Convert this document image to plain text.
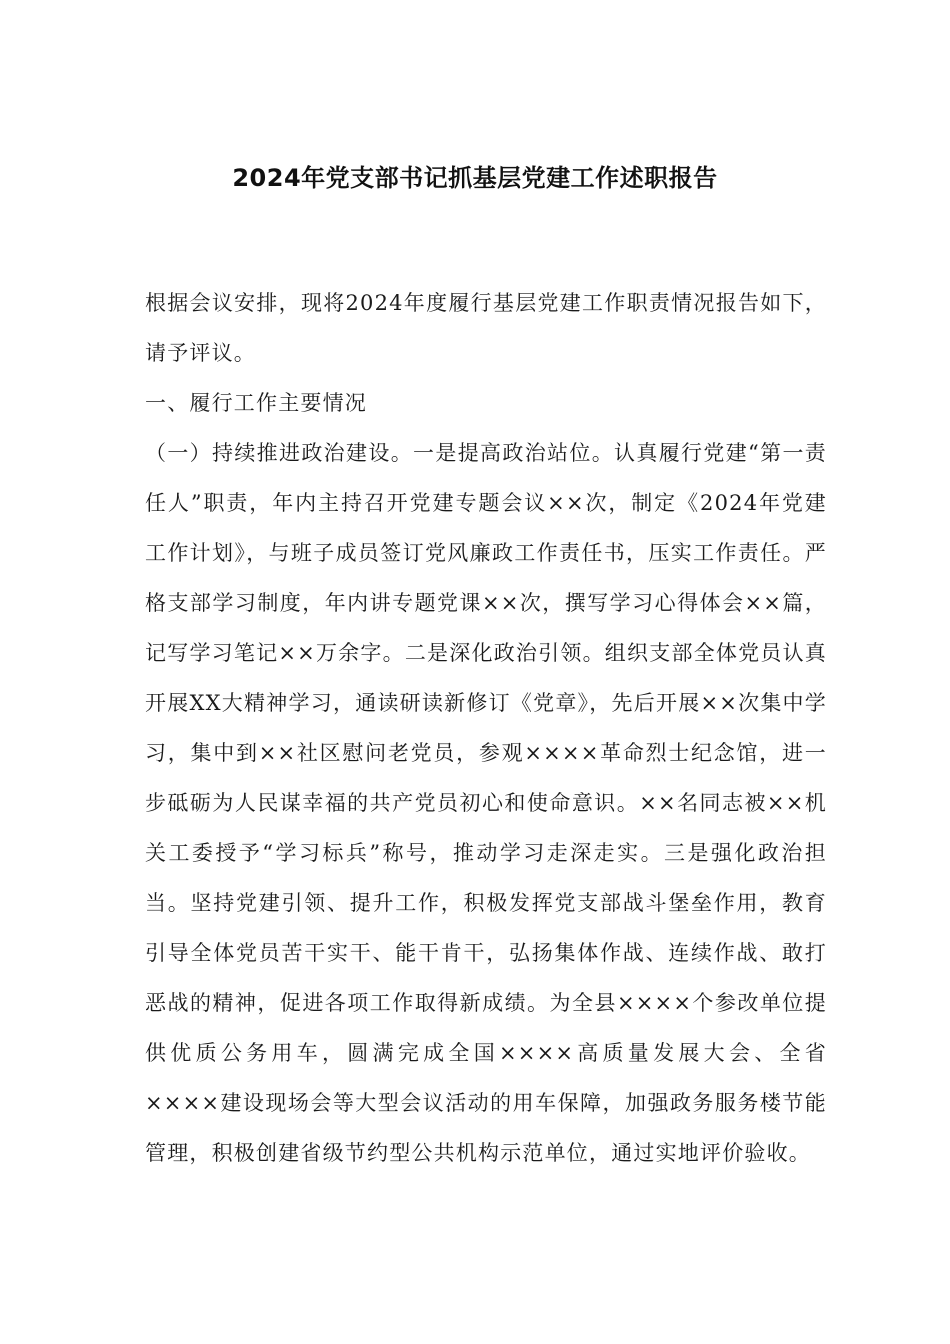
2024年党支部书记抓基层党建工作述职报告

根据会议安排，现将2024年度履行基层党建工作职责情况报告如下，请予评议。

一、履行工作主要情况

（一）持续推进政治建设。一是提高政治站位。认真履行党建“第一责任人”职责，年内主持召开党建专题会议××次，制定《2024年党建工作计划》，与班子成员签订党风廉政工作责任书，压实工作责任。严格支部学习制度，年内讲专题党课××次，撰写学习心得体会××篇，记写学习笔记××万余字。二是深化政治引领。组织支部全体党员认真开展XX大精神学习，通读研读新修订《党章》，先后开展××次集中学习，集中到××社区慰问老党员，参观××××革命烈士纪念馆，进一步砥砺为人民谋幸福的共产党员初心和使命意识。××名同志被××机关工委授予“学习标兵”称号，推动学习走深走实。三是强化政治担当。坚持党建引领、提升工作，积极发挥党支部战斗堡垒作用，教育引导全体党员苦干实干、能干肯干，弘扬集体作战、连续作战、敢打恶战的精神，促进各项工作取得新成绩。为全县××××个参改单位提供优质公务用车，圆满完成全国××××高质量发展大会、全省××××建设现场会等大型会议活动的用车保障，加强政务服务楼节能管理，积极创建省级节约型公共机构示范单位，通过实地评价验收。
